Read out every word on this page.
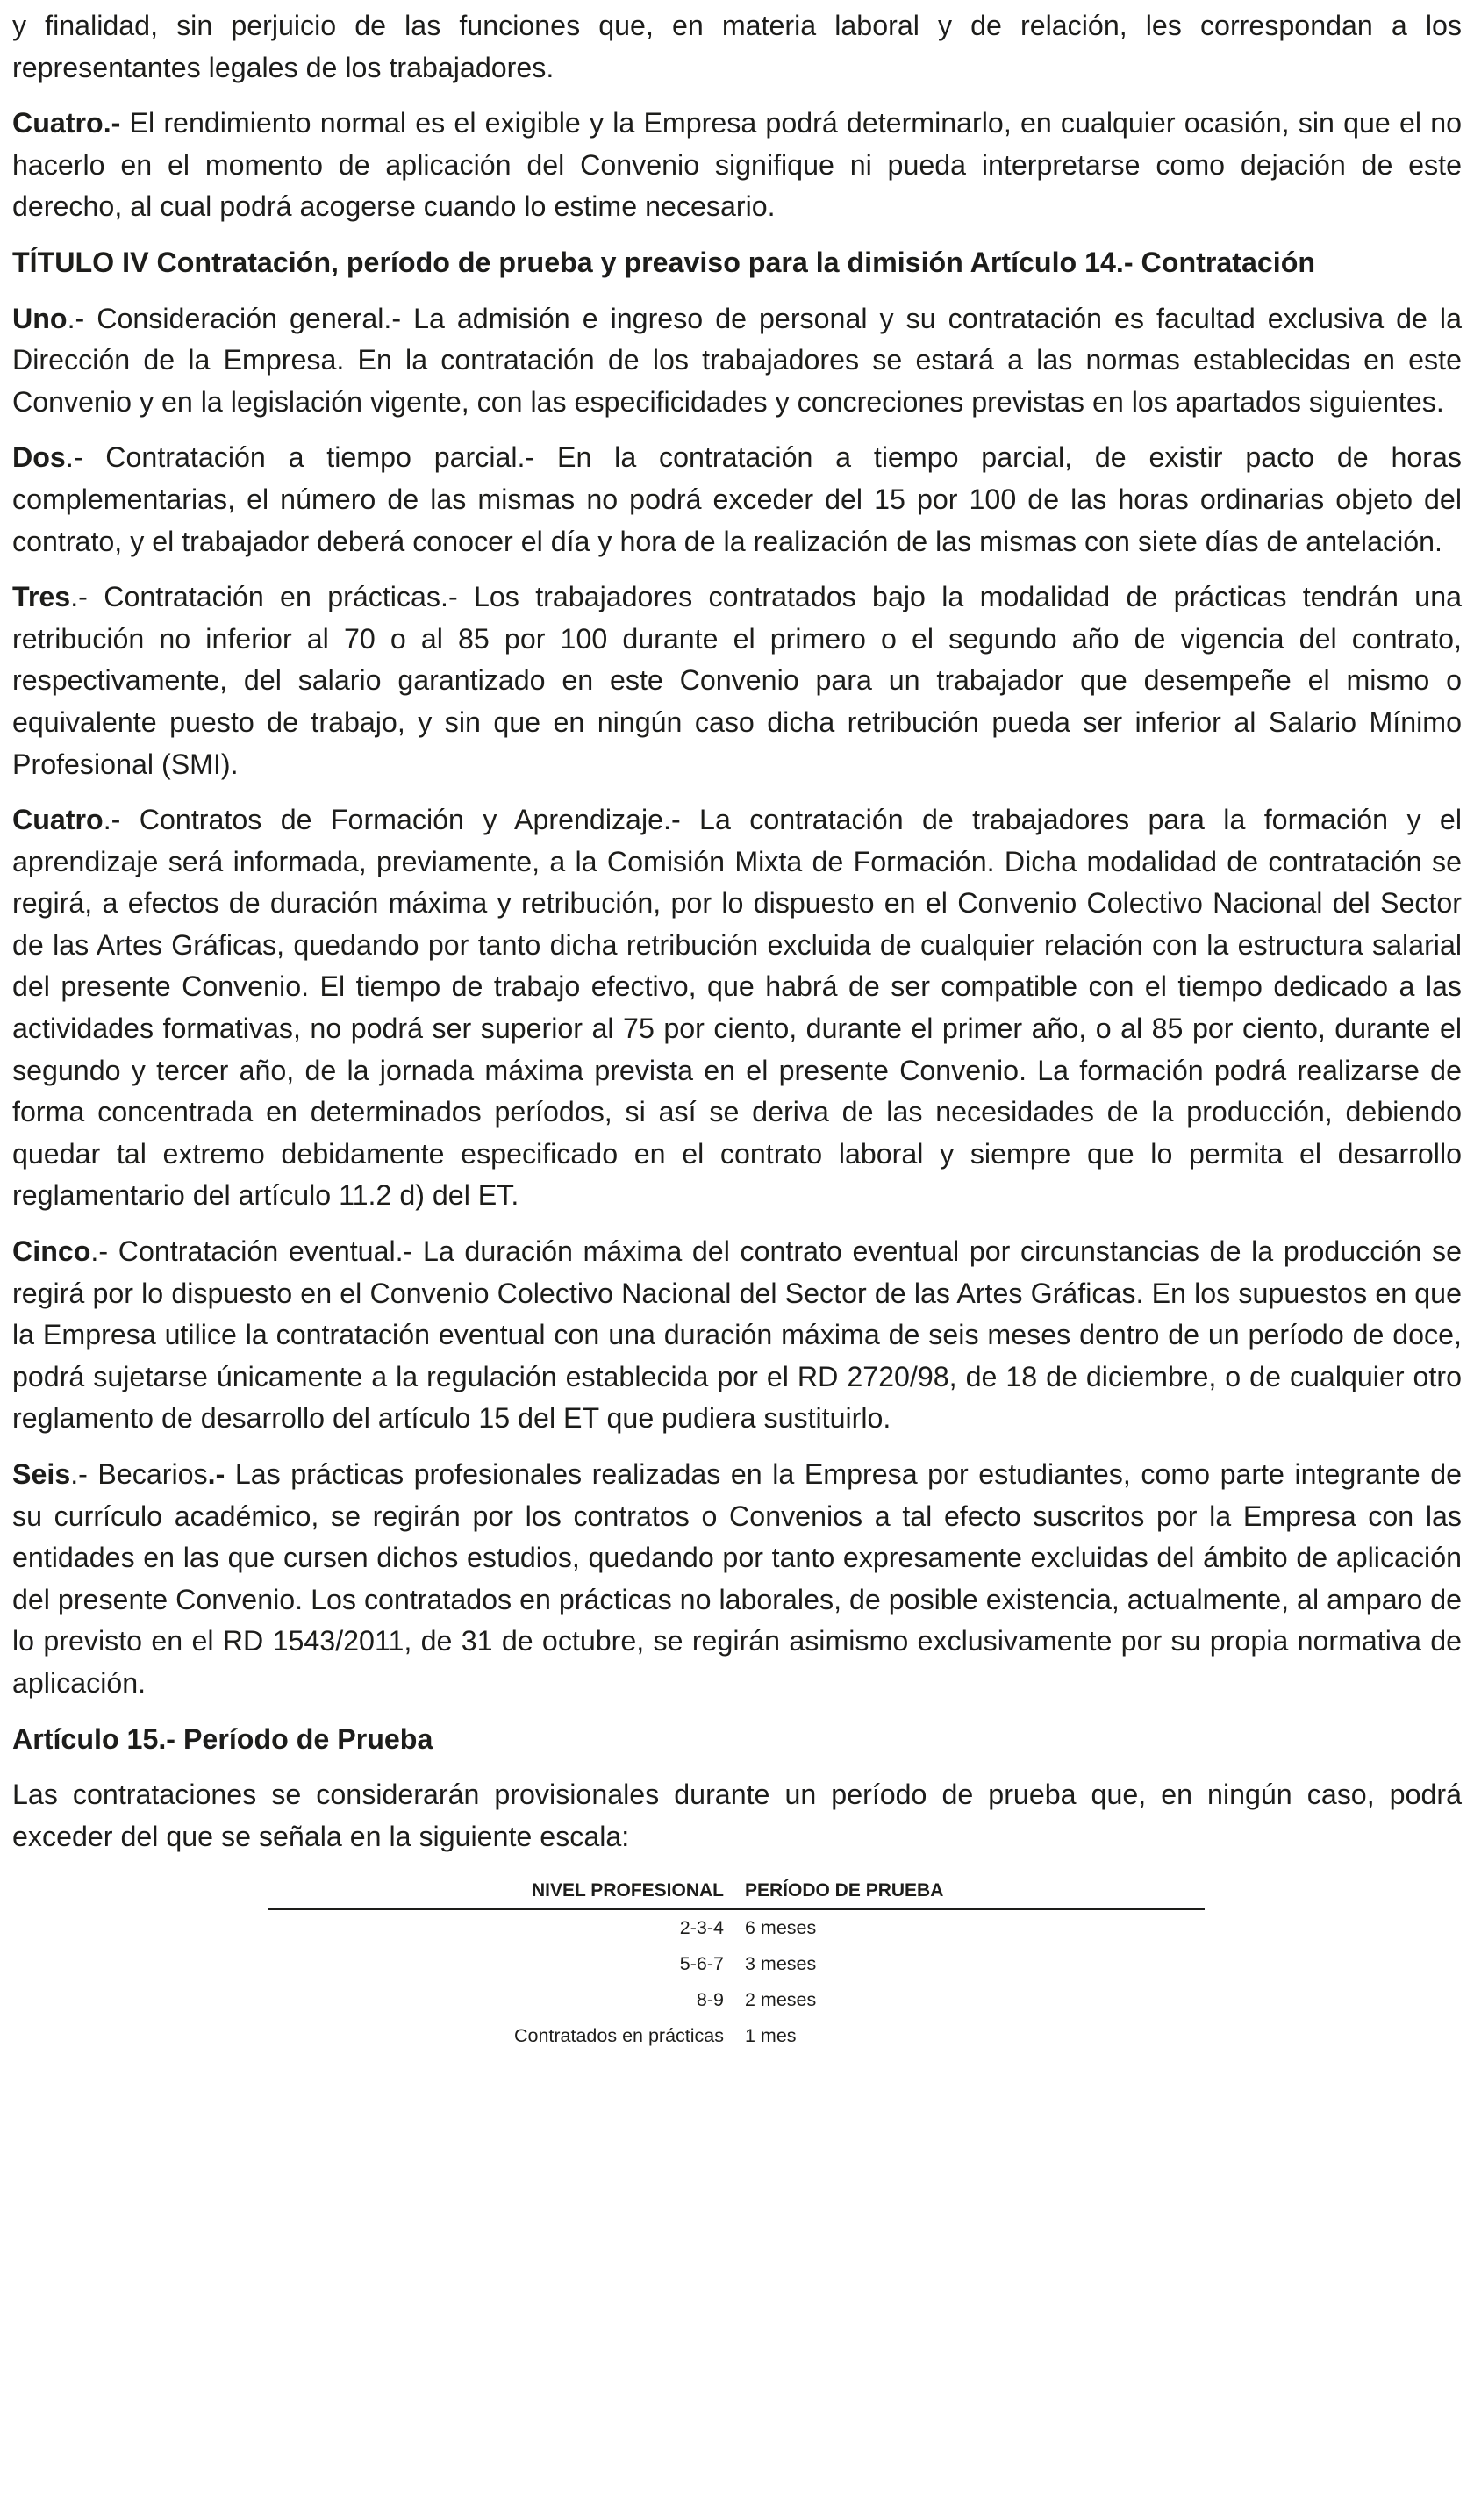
y finalidad, sin perjuicio de las funciones que, en materia laboral y de relación, les correspondan a los representantes legales de los trabajadores.

Cuatro.- El rendimiento normal es el exigible y la Empresa podrá determinarlo, en cualquier ocasión, sin que el no hacerlo en el momento de aplicación del Convenio signifique ni pueda interpretarse como dejación de este derecho, al cual podrá acogerse cuando lo estime necesario.

TÍTULO IV Contratación, período de prueba y preaviso para la dimisión Artículo 14.- Contratación

Uno.- Consideración general.- La admisión e ingreso de personal y su contratación es facultad exclusiva de la Dirección de la Empresa. En la contratación de los trabajadores se estará a las normas establecidas en este Convenio y en la legislación vigente, con las especificidades y concreciones previstas en los apartados siguientes.

Dos.- Contratación a tiempo parcial.- En la contratación a tiempo parcial, de existir pacto de horas complementarias, el número de las mismas no podrá exceder del 15 por 100 de las horas ordinarias objeto del contrato, y el trabajador deberá conocer el día y hora de la realización de las mismas con siete días de antelación.

Tres.- Contratación en prácticas.- Los trabajadores contratados bajo la modalidad de prácticas tendrán una retribución no inferior al 70 o al 85 por 100 durante el primero o el segundo año de vigencia del contrato, respectivamente, del salario garantizado en este Convenio para un trabajador que desempeñe el mismo o equivalente puesto de trabajo, y sin que en ningún caso dicha retribución pueda ser inferior al Salario Mínimo Profesional (SMI).

Cuatro.- Contratos de Formación y Aprendizaje.- La contratación de trabajadores para la formación y el aprendizaje será informada, previamente, a la Comisión Mixta de Formación. Dicha modalidad de contratación se regirá, a efectos de duración máxima y retribución, por lo dispuesto en el Convenio Colectivo Nacional del Sector de las Artes Gráficas, quedando por tanto dicha retribución excluida de cualquier relación con la estructura salarial del presente Convenio. El tiempo de trabajo efectivo, que habrá de ser compatible con el tiempo dedicado a las actividades formativas, no podrá ser superior al 75 por ciento, durante el primer año, o al 85 por ciento, durante el segundo y tercer año, de la jornada máxima prevista en el presente Convenio. La formación podrá realizarse de forma concentrada en determinados períodos, si así se deriva de las necesidades de la producción, debiendo quedar tal extremo debidamente especificado en el contrato laboral y siempre que lo permita el desarrollo reglamentario del artículo 11.2 d) del ET.

Cinco.- Contratación eventual.- La duración máxima del contrato eventual por circunstancias de la producción se regirá por lo dispuesto en el Convenio Colectivo Nacional del Sector de las Artes Gráficas. En los supuestos en que la Empresa utilice la contratación eventual con una duración máxima de seis meses dentro de un período de doce, podrá sujetarse únicamente a la regulación establecida por el RD 2720/98, de 18 de diciembre, o de cualquier otro reglamento de desarrollo del artículo 15 del ET que pudiera sustituirlo.

Seis.- Becarios.- Las prácticas profesionales realizadas en la Empresa por estudiantes, como parte integrante de su currículo académico, se regirán por los contratos o Convenios a tal efecto suscritos por la Empresa con las entidades en las que cursen dichos estudios, quedando por tanto expresamente excluidas del ámbito de aplicación del presente Convenio. Los contratados en prácticas no laborales, de posible existencia, actualmente, al amparo de lo previsto en el RD 1543/2011, de 31 de octubre, se regirán asimismo exclusivamente por su propia normativa de aplicación.

Artículo 15.- Período de Prueba

Las contrataciones se considerarán provisionales durante un período de prueba que, en ningún caso, podrá exceder del que se señala en la siguiente escala:

NIVEL PROFESIONAL	PERÍODO DE PRUEBA
2-3-4	6 meses
5-6-7	3 meses
8-9	2 meses
Contratados en prácticas	1 mes
